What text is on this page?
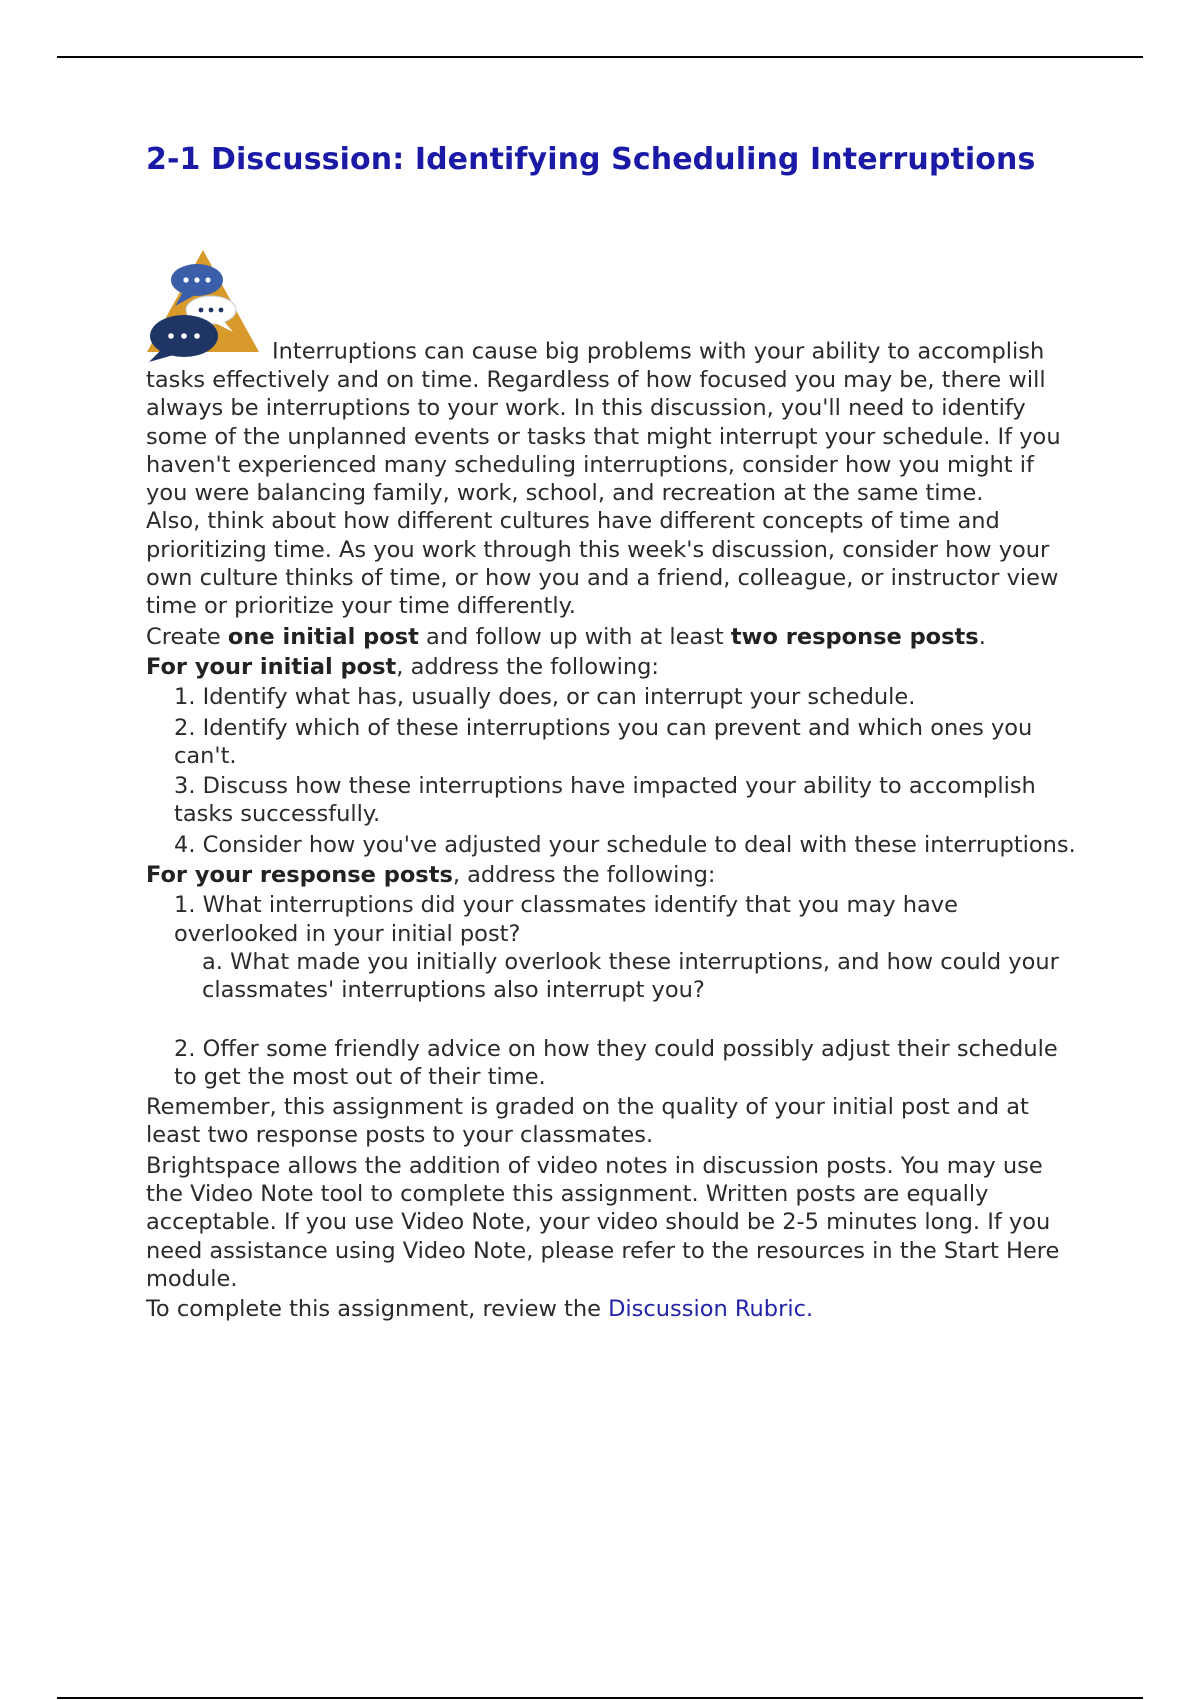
2-1 Discussion: Identifying Scheduling Interruptions

Interruptions can cause big problems with your ability to accomplish tasks effectively and on time. Regardless of how focused you may be, there will always be interruptions to your work. In this discussion, you'll need to identify some of the unplanned events or tasks that might interrupt your schedule. If you haven't experienced many scheduling interruptions, consider how you might if you were balancing family, work, school, and recreation at the same time.

Also, think about how different cultures have different concepts of time and prioritizing time. As you work through this week's discussion, consider how your own culture thinks of time, or how you and a friend, colleague, or instructor view time or prioritize your time differently.

Create one initial post and follow up with at least two response posts.

For your initial post, address the following:

1. Identify what has, usually does, or can interrupt your schedule.
2. Identify which of these interruptions you can prevent and which ones you can't.
3. Discuss how these interruptions have impacted your ability to accomplish tasks successfully.
4. Consider how you've adjusted your schedule to deal with these interruptions.

For your response posts, address the following:

1. What interruptions did your classmates identify that you may have overlooked in your initial post?
a. What made you initially overlook these interruptions, and how could your classmates' interruptions also interrupt you?
2. Offer some friendly advice on how they could possibly adjust their schedule to get the most out of their time.

Remember, this assignment is graded on the quality of your initial post and at least two response posts to your classmates.

Brightspace allows the addition of video notes in discussion posts. You may use the Video Note tool to complete this assignment. Written posts are equally acceptable. If you use Video Note, your video should be 2-5 minutes long. If you need assistance using Video Note, please refer to the resources in the Start Here module.

To complete this assignment, review the Discussion Rubric.
